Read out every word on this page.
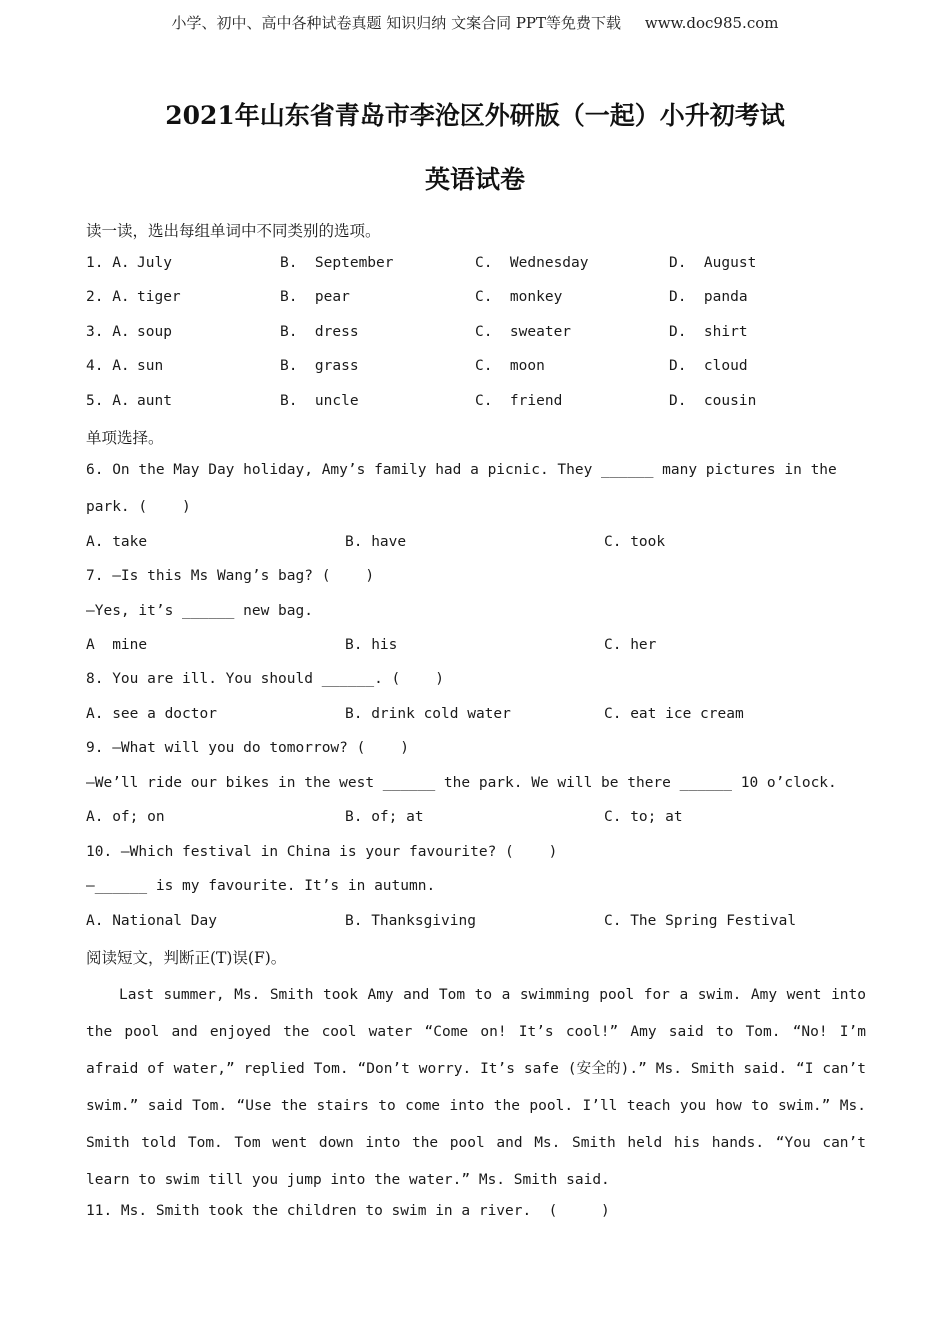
小学、初中、高中各种试卷真题 知识归纳 文案合同 PPT等免费下载 www.doc985.com
2021年山东省青岛市李沧区外研版（一起）小升初考试
英语试卷
读一读，选出每组单词中不同类别的选项。
1. A. July	B.  September	C.  Wednesday	D.  August
2. A. tiger	B.  pear	C.  monkey	D.  panda
3. A. soup	B.  dress	C.  sweater	D.  shirt
4. A. sun	B.  grass	C.  moon	D.  cloud
5. A. aunt	B.  uncle	C.  friend	D.  cousin
单项选择。
6. On the May Day holiday, Amy’s family had a picnic. They ______ many pictures in the
park. (    )
A. take	B. have	C. took
7. —Is this Ms Wang’s bag? (    )
—Yes, it’s ______ new bag.
A  mine	B. his	C. her
8. You are ill. You should ______. (    )
A. see a doctor	B. drink cold water	C. eat ice cream
9. —What will you do tomorrow? (    )
—We’ll ride our bikes in the west ______ the park. We will be there ______ 10 o’clock.
A. of; on	B. of; at	C. to; at
10. —Which festival in China is your favourite? (    )
—______ is my favourite. It’s in autumn.
A. National Day	B. Thanksgiving	C. The Spring Festival
阅读短文，判断正(T)误(F)。
Last summer, Ms. Smith took Amy and Tom to a swimming pool for a swim. Amy went into the pool and enjoyed the cool water “Come on! It’s cool!” Amy said to Tom. “No! I’m afraid of water,” replied Tom. “Don’t worry. It’s safe (安全的).” Ms. Smith said. “I can’t swim.” said Tom. “Use the stairs to come into the pool. I’ll teach you how to swim.” Ms. Smith told Tom. Tom went down into the pool and Ms. Smith held his hands. “You can’t learn to swim till you jump into the water.” Ms. Smith said.
11. Ms. Smith took the children to swim in a river.  (     )
